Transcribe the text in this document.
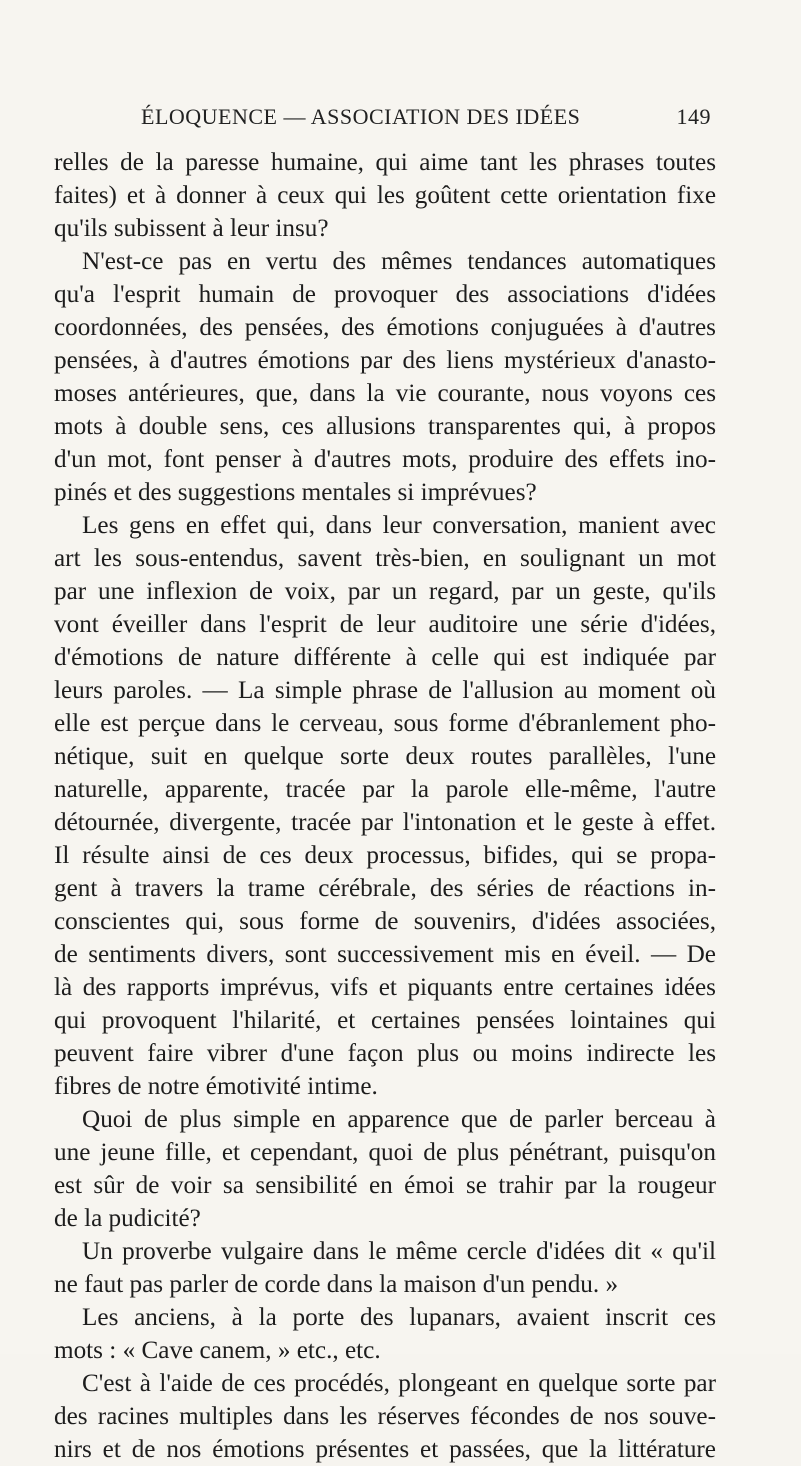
ÉLOQUENCE — ASSOCIATION DES IDÉES	149
relles de la paresse humaine, qui aime tant les phrases toutes
faites) et à donner à ceux qui les goûtent cette orientation fixe
qu'ils subissent à leur insu?
N'est-ce pas en vertu des mêmes tendances automatiques
qu'a l'esprit humain de provoquer des associations d'idées
coordonnées, des pensées, des émotions conjuguées à d'autres
pensées, à d'autres émotions par des liens mystérieux d'anasto-
moses antérieures, que, dans la vie courante, nous voyons ces
mots à double sens, ces allusions transparentes qui, à propos
d'un mot, font penser à d'autres mots, produire des effets ino-
pinés et des suggestions mentales si imprévues?
Les gens en effet qui, dans leur conversation, manient avec
art les sous-entendus, savent très-bien, en soulignant un mot
par une inflexion de voix, par un regard, par un geste, qu'ils
vont éveiller dans l'esprit de leur auditoire une série d'idées,
d'émotions de nature différente à celle qui est indiquée par
leurs paroles. — La simple phrase de l'allusion au moment où
elle est perçue dans le cerveau, sous forme d'ébranlement pho-
nétique, suit en quelque sorte deux routes parallèles, l'une
naturelle, apparente, tracée par la parole elle-même, l'autre
détournée, divergente, tracée par l'intonation et le geste à effet.
Il résulte ainsi de ces deux processus, bifides, qui se propa-
gent à travers la trame cérébrale, des séries de réactions in-
conscientes qui, sous forme de souvenirs, d'idées associées,
de sentiments divers, sont successivement mis en éveil. — De
là des rapports imprévus, vifs et piquants entre certaines idées
qui provoquent l'hilarité, et certaines pensées lointaines qui
peuvent faire vibrer d'une façon plus ou moins indirecte les
fibres de notre émotivité intime.
Quoi de plus simple en apparence que de parler berceau à
une jeune fille, et cependant, quoi de plus pénétrant, puisqu'on
est sûr de voir sa sensibilité en émoi se trahir par la rougeur
de la pudicité?
Un proverbe vulgaire dans le même cercle d'idées dit « qu'il
ne faut pas parler de corde dans la maison d'un pendu. »
Les anciens, à la porte des lupanars, avaient inscrit ces
mots : « Cave canem, » etc., etc.
C'est à l'aide de ces procédés, plongeant en quelque sorte par
des racines multiples dans les réserves fécondes de nos souve-
nirs et de nos émotions présentes et passées, que la littérature
